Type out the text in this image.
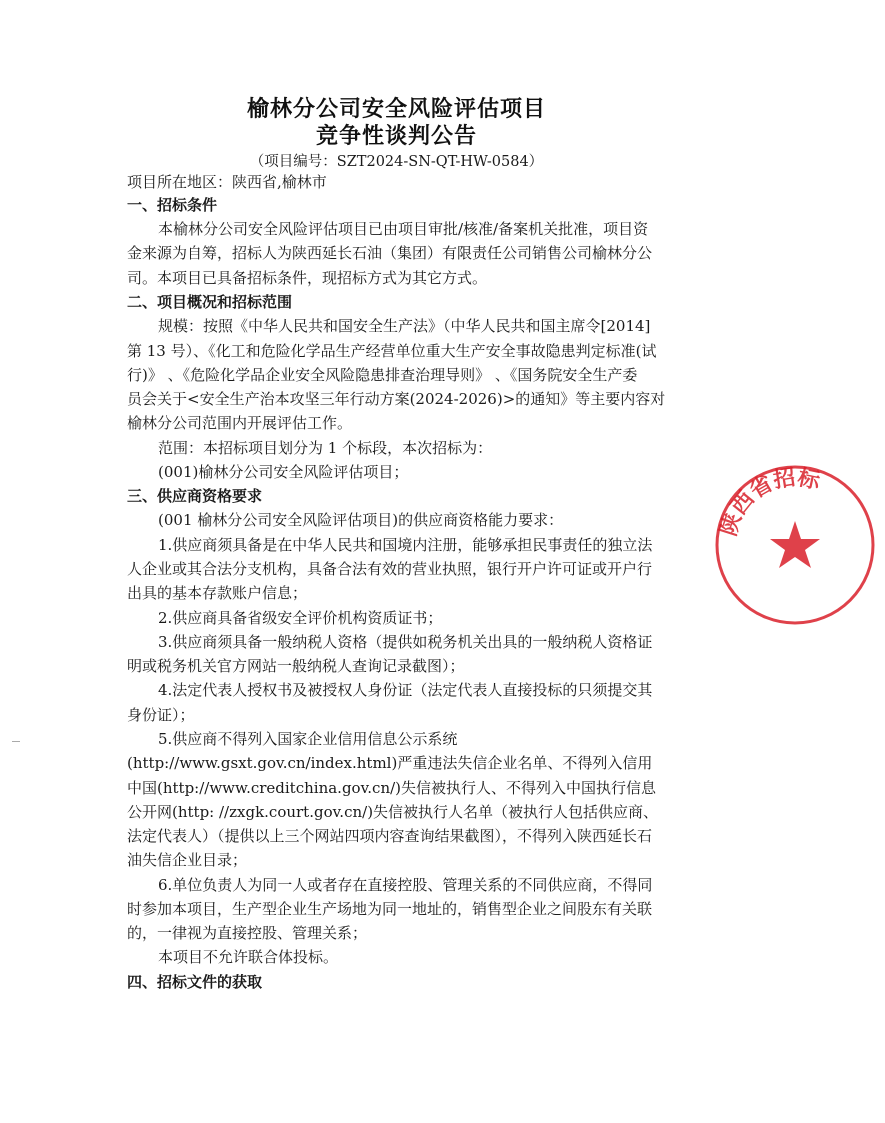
榆林分公司安全风险评估项目
竞争性谈判公告
（项目编号：SZT2024-SN-QT-HW-0584）
项目所在地区：陕西省,榆林市
一、招标条件
本榆林分公司安全风险评估项目已由项目审批/核准/备案机关批准，项目资
金来源为自筹，招标人为陕西延长石油（集团）有限责任公司销售公司榆林分公
司。本项目已具备招标条件，现招标方式为其它方式。
二、项目概况和招标范围
规模：按照《中华人民共和国安全生产法》（中华人民共和国主席令[2014]
第 13 号）、《化工和危险化学品生产经营单位重大生产安全事故隐患判定标准(试
行)》 、《危险化学品企业安全风险隐患排查治理导则》 、《国务院安全生产委
员会关于<安全生产治本攻坚三年行动方案(2024-2026)>的通知》等主要内容对
榆林分公司范围内开展评估工作。
范围：本招标项目划分为 1 个标段，本次招标为：
(001)榆林分公司安全风险评估项目；
三、供应商资格要求
(001 榆林分公司安全风险评估项目)的供应商资格能力要求：
1.供应商须具备是在中华人民共和国境内注册，能够承担民事责任的独立法
人企业或其合法分支机构，具备合法有效的营业执照，银行开户许可证或开户行
出具的基本存款账户信息；
2.供应商具备省级安全评价机构资质证书；
3.供应商须具备一般纳税人资格（提供如税务机关出具的一般纳税人资格证
明或税务机关官方网站一般纳税人查询记录截图）；
4.法定代表人授权书及被授权人身份证（法定代表人直接投标的只须提交其
身份证）；
5.供应商不得列入国家企业信用信息公示系统
(http://www.gsxt.gov.cn/index.html)严重违法失信企业名单、不得列入信用
中国(http://www.creditchina.gov.cn/)失信被执行人、不得列入中国执行信息
公开网(http: //zxgk.court.gov.cn/)失信被执行人名单（被执行人包括供应商、
法定代表人）（提供以上三个网站四项内容查询结果截图），不得列入陕西延长石
油失信企业目录；
6.单位负责人为同一人或者存在直接控股、管理关系的不同供应商，不得同
时参加本项目，生产型企业生产场地为同一地址的，销售型企业之间股东有关联
的，一律视为直接控股、管理关系；
本项目不允许联合体投标。
四、招标文件的获取
陕西省招标
